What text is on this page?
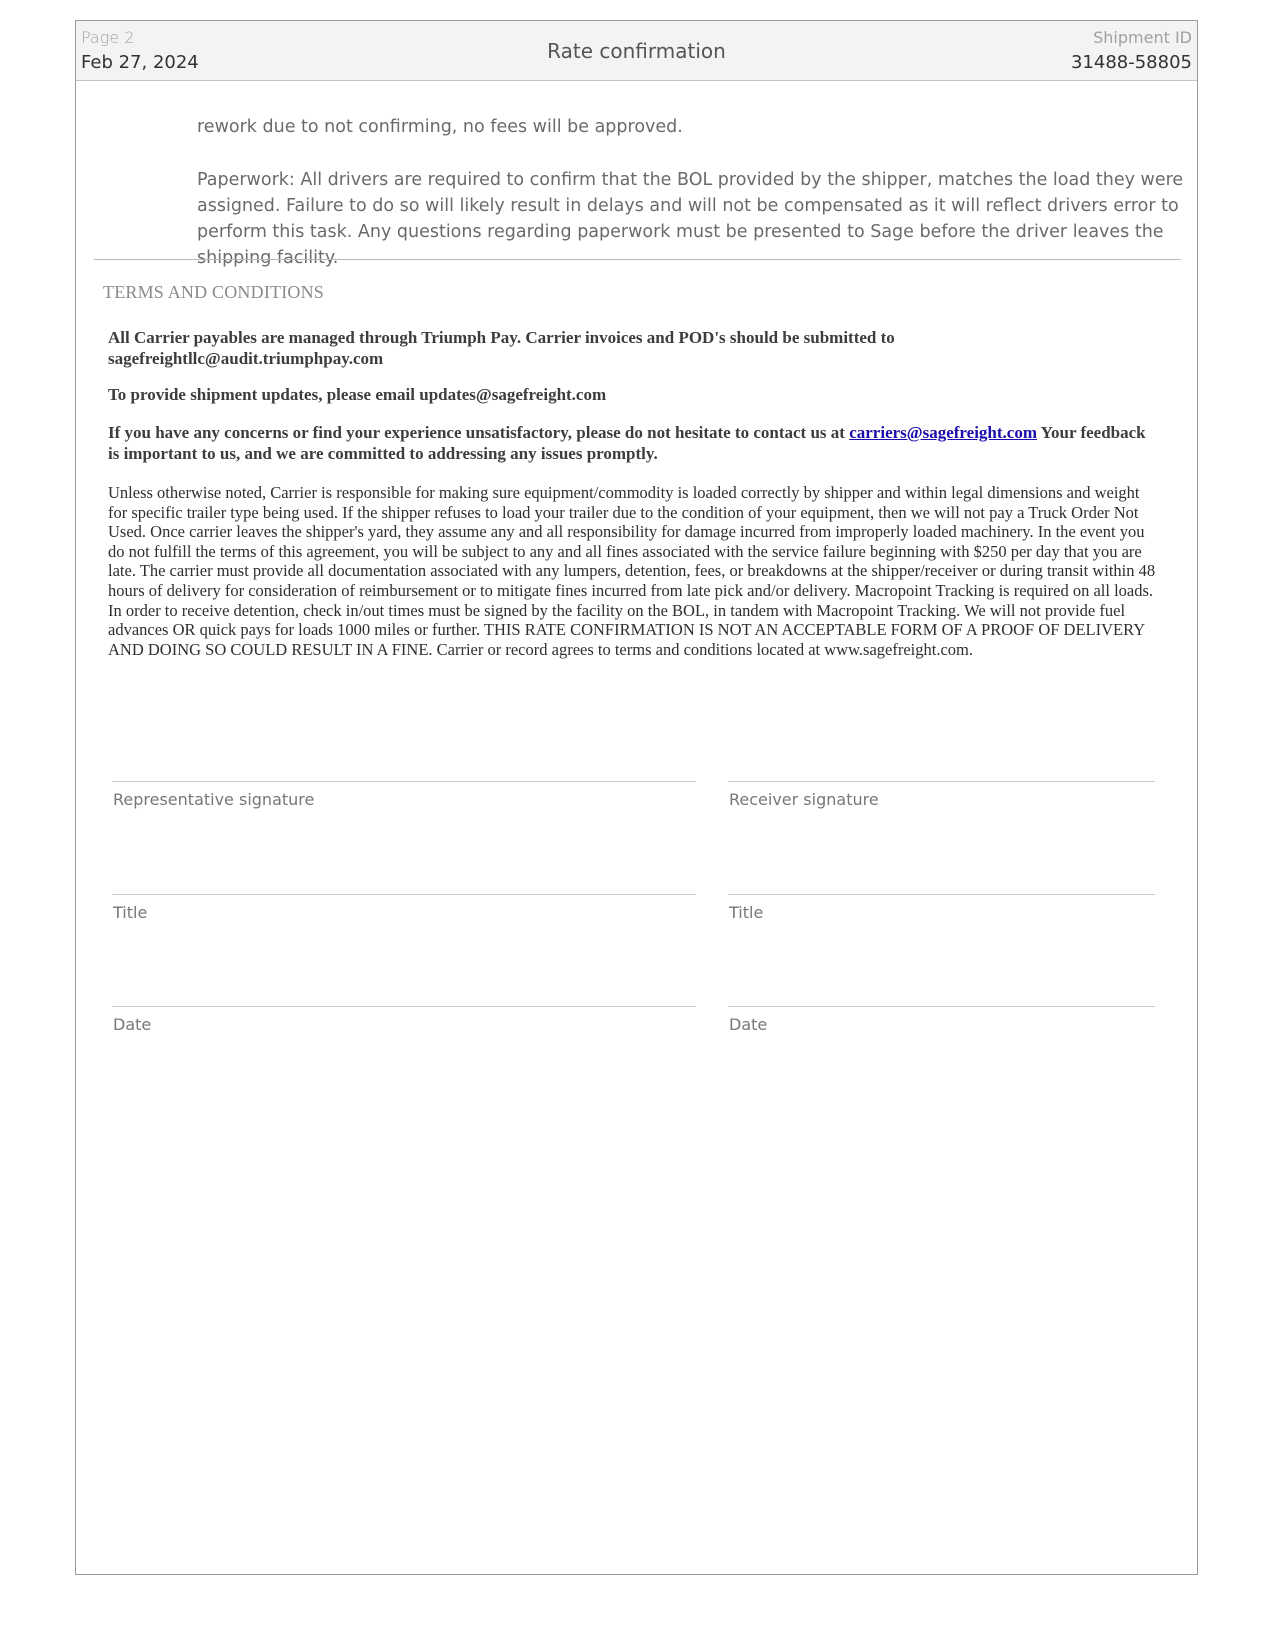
Page 2
Feb 27, 2024	Rate confirmation
Shipment ID
31488-58805
rework due to not confirming, no fees will be approved.
Paperwork: All drivers are required to confirm that the BOL provided by the shipper, matches the load they were assigned. Failure to do so will likely result in delays and will not be compensated as it will reflect drivers error to perform this task. Any questions regarding paperwork must be presented to Sage before the driver leaves the shipping facility.
TERMS AND CONDITIONS
All Carrier payables are managed through Triumph Pay. Carrier invoices and POD's should be submitted to sagefreightllc@audit.triumphpay.com
To provide shipment updates, please email updates@sagefreight.com
If you have any concerns or find your experience unsatisfactory, please do not hesitate to contact us at carriers@sagefreight.com Your feedback is important to us, and we are committed to addressing any issues promptly.
Unless otherwise noted, Carrier is responsible for making sure equipment/commodity is loaded correctly by shipper and within legal dimensions and weight for specific trailer type being used. If the shipper refuses to load your trailer due to the condition of your equipment, then we will not pay a Truck Order Not Used. Once carrier leaves the shipper's yard, they assume any and all responsibility for damage incurred from improperly loaded machinery. In the event you do not fulfill the terms of this agreement, you will be subject to any and all fines associated with the service failure beginning with $250 per day that you are late. The carrier must provide all documentation associated with any lumpers, detention, fees, or breakdowns at the shipper/receiver or during transit within 48 hours of delivery for consideration of reimbursement or to mitigate fines incurred from late pick and/or delivery. Macropoint Tracking is required on all loads. In order to receive detention, check in/out times must be signed by the facility on the BOL, in tandem with Macropoint Tracking. We will not provide fuel advances OR quick pays for loads 1000 miles or further. THIS RATE CONFIRMATION IS NOT AN ACCEPTABLE FORM OF A PROOF OF DELIVERY AND DOING SO COULD RESULT IN A FINE. Carrier or record agrees to terms and conditions located at www.sagefreight.com.
Representative signature	Receiver signature
Title	Title
Date	Date
